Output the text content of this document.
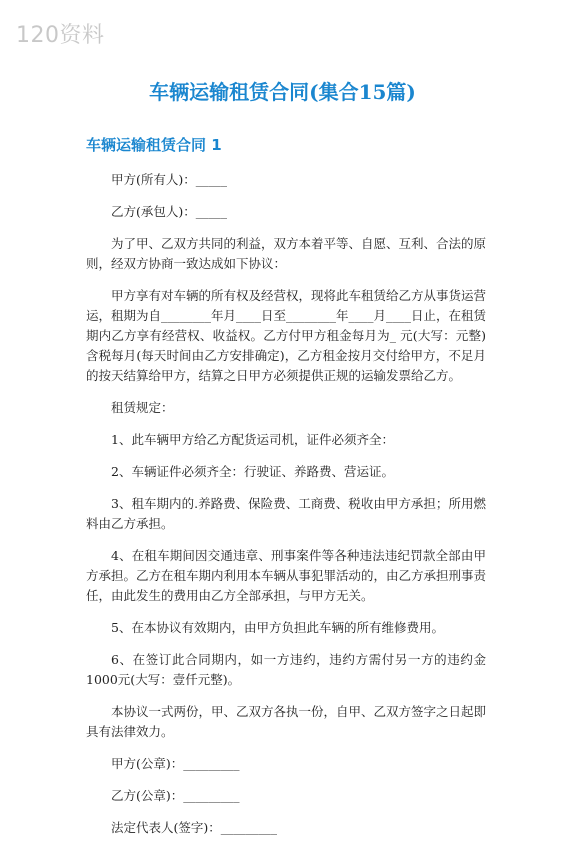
120资料
车辆运输租赁合同(集合15篇)
车辆运输租赁合同 1

甲方(所有人)：_____

乙方(承包人)：_____

为了甲、乙双方共同的利益，双方本着平等、自愿、互利、合法的原则，经双方协商一致达成如下协议：

甲方享有对车辆的所有权及经营权，现将此车租赁给乙方从事货运营运，租期为自________年月____日至________年____月____日止，在租赁期内乙方享有经营权、收益权。乙方付甲方租金每月为_ 元(大写：元整)含税每月(每天时间由乙方安排确定)，乙方租金按月交付给甲方，不足月的按天结算给甲方，结算之日甲方必须提供正规的运输发票给乙方。

租赁规定：

1、此车辆甲方给乙方配货运司机，证件必须齐全：

2、车辆证件必须齐全：行驶证、养路费、营运证。

3、租车期内的.养路费、保险费、工商费、税收由甲方承担；所用燃料由乙方承担。

4、在租车期间因交通违章、刑事案件等各种违法违纪罚款全部由甲方承担。乙方在租车期内利用本车辆从事犯罪活动的，由乙方承担刑事责任，由此发生的费用由乙方全部承担，与甲方无关。

5、在本协议有效期内，由甲方负担此车辆的所有维修费用。

6、在签订此合同期内，如一方违约，违约方需付另一方的违约金1000元(大写：壹仟元整)。

本协议一式两份，甲、乙双方各执一份，自甲、乙双方签字之日起即具有法律效力。

甲方(公章)：_________

乙方(公章)：_________

法定代表人(签字)：_________
